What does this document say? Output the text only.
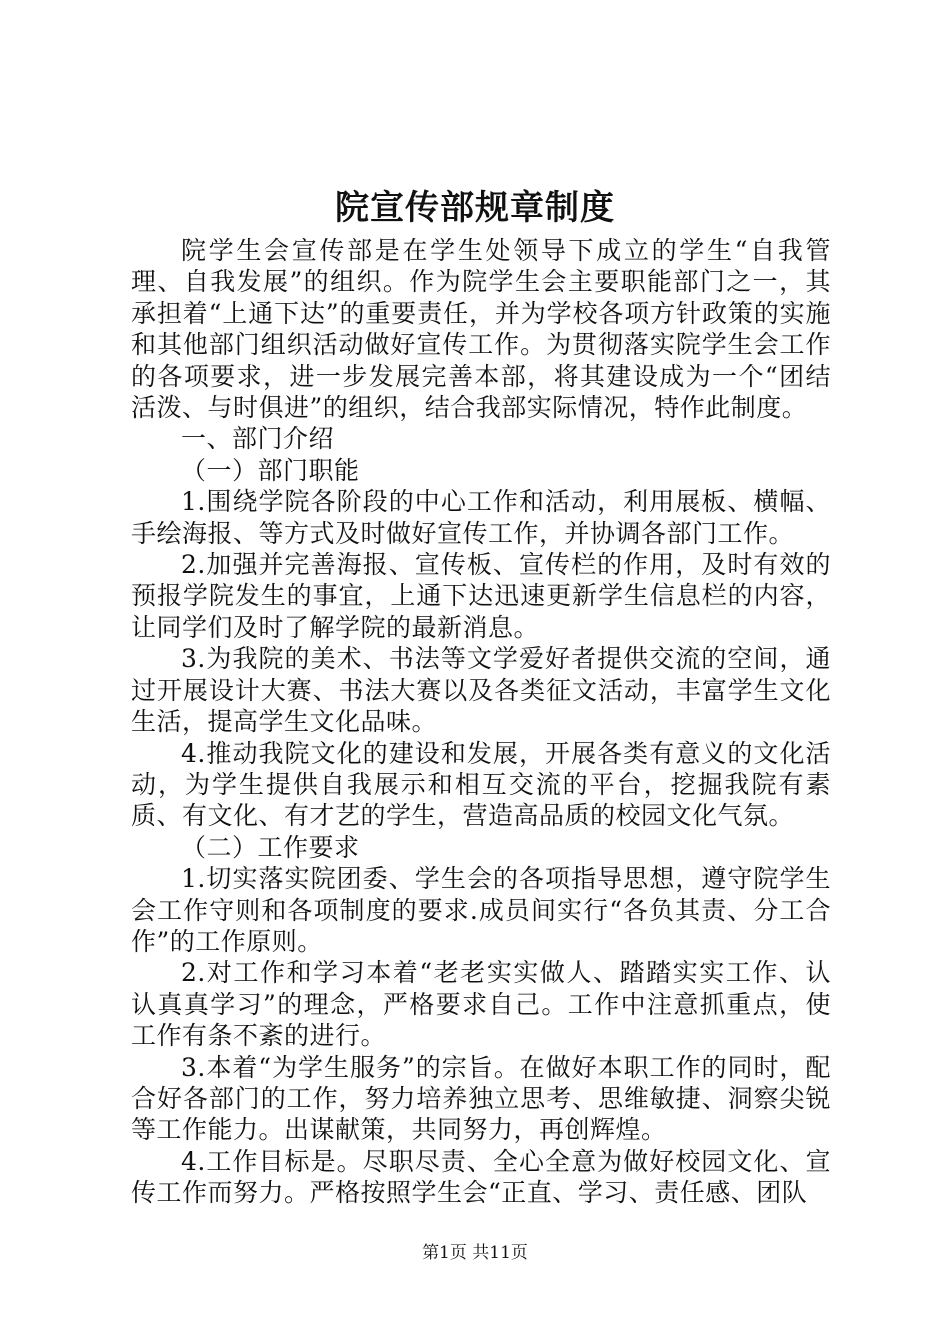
院宣传部规章制度

院学生会宣传部是在学生处领导下成立的学生“自我管理、自我发展”的组织。作为院学生会主要职能部门之一，其承担着“上通下达”的重要责任，并为学校各项方针政策的实施和其他部门组织活动做好宣传工作。为贯彻落实院学生会工作的各项要求，进一步发展完善本部，将其建设成为一个“团结活泼、与时俱进”的组织，结合我部实际情况，特作此制度。

一、部门介绍

（一）部门职能

1.围绕学院各阶段的中心工作和活动，利用展板、横幅、手绘海报、等方式及时做好宣传工作，并协调各部门工作。

2.加强并完善海报、宣传板、宣传栏的作用，及时有效的预报学院发生的事宜，上通下达迅速更新学生信息栏的内容，让同学们及时了解学院的最新消息。

3.为我院的美术、书法等文学爱好者提供交流的空间，通过开展设计大赛、书法大赛以及各类征文活动，丰富学生文化生活，提高学生文化品味。

4.推动我院文化的建设和发展，开展各类有意义的文化活动，为学生提供自我展示和相互交流的平台，挖掘我院有素质、有文化、有才艺的学生，营造高品质的校园文化气氛。

（二）工作要求

1.切实落实院团委、学生会的各项指导思想，遵守院学生会工作守则和各项制度的要求.成员间实行“各负其责、分工合作”的工作原则。

2.对工作和学习本着“老老实实做人、踏踏实实工作、认认真真学习”的理念，严格要求自己。工作中注意抓重点，使工作有条不紊的进行。

3.本着“为学生服务”的宗旨。在做好本职工作的同时，配合好各部门的工作，努力培养独立思考、思维敏捷、洞察尖锐等工作能力。出谋献策，共同努力，再创辉煌。

4.工作目标是。尽职尽责、全心全意为做好校园文化、宣传工作而努力。严格按照学生会“正直、学习、责任感、团队

第1页 共11页
